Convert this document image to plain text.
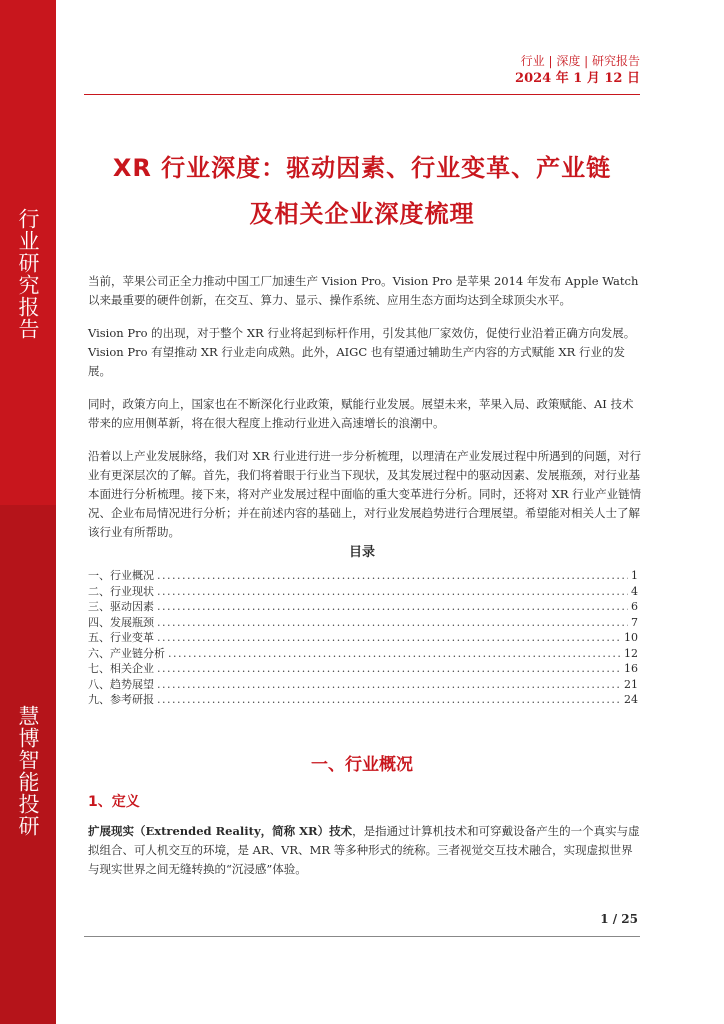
行业研究报告
慧博智能投研
行业 | 深度 | 研究报告
2024 年 1 月 12 日
XR 行业深度：驱动因素、行业变革、产业链
及相关企业深度梳理

当前，苹果公司正全力推动中国工厂加速生产 Vision Pro。Vision Pro 是苹果 2014 年发布 Apple Watch 以来最重要的硬件创新，在交互、算力、显示、操作系统、应用生态方面均达到全球顶尖水平。

Vision Pro 的出现，对于整个 XR 行业将起到标杆作用，引发其他厂家效仿，促使行业沿着正确方向发展。Vision Pro 有望推动 XR 行业走向成熟。此外，AIGC 也有望通过辅助生产内容的方式赋能 XR 行业的发展。

同时，政策方向上，国家也在不断深化行业政策，赋能行业发展。展望未来，苹果入局、政策赋能、AI 技术带来的应用侧革新，将在很大程度上推动行业进入高速增长的浪潮中。

沿着以上产业发展脉络，我们对 XR 行业进行进一步分析梳理，以理清在产业发展过程中所遇到的问题，对行业有更深层次的了解。首先，我们将着眼于行业当下现状，及其发展过程中的驱动因素、发展瓶颈，对行业基本面进行分析梳理。接下来，将对产业发展过程中面临的重大变革进行分析。同时，还将对 XR 行业产业链情况、企业布局情况进行分析；并在前述内容的基础上，对行业发展趋势进行合理展望。希望能对相关人士了解该行业有所帮助。

目录
一、行业概况 . . .	1
二、行业现状 . . .	4
三、驱动因素 . . .	6
四、发展瓶颈 . . .	7
五、行业变革 . . .	10
六、产业链分析 . . .	12
七、相关企业 . . .	16
八、趋势展望 . . .	21
九、参考研报 . . .	24
一、行业概况
1、定义
扩展现实（Extrended Reality，简称 XR）技术，是指通过计算机技术和可穿戴设备产生的一个真实与虚拟组合、可人机交互的环境，是 AR、VR、MR 等多种形式的统称。三者视觉交互技术融合，实现虚拟世界与现实世界之间无缝转换的“沉浸感”体验。
1 / 25
